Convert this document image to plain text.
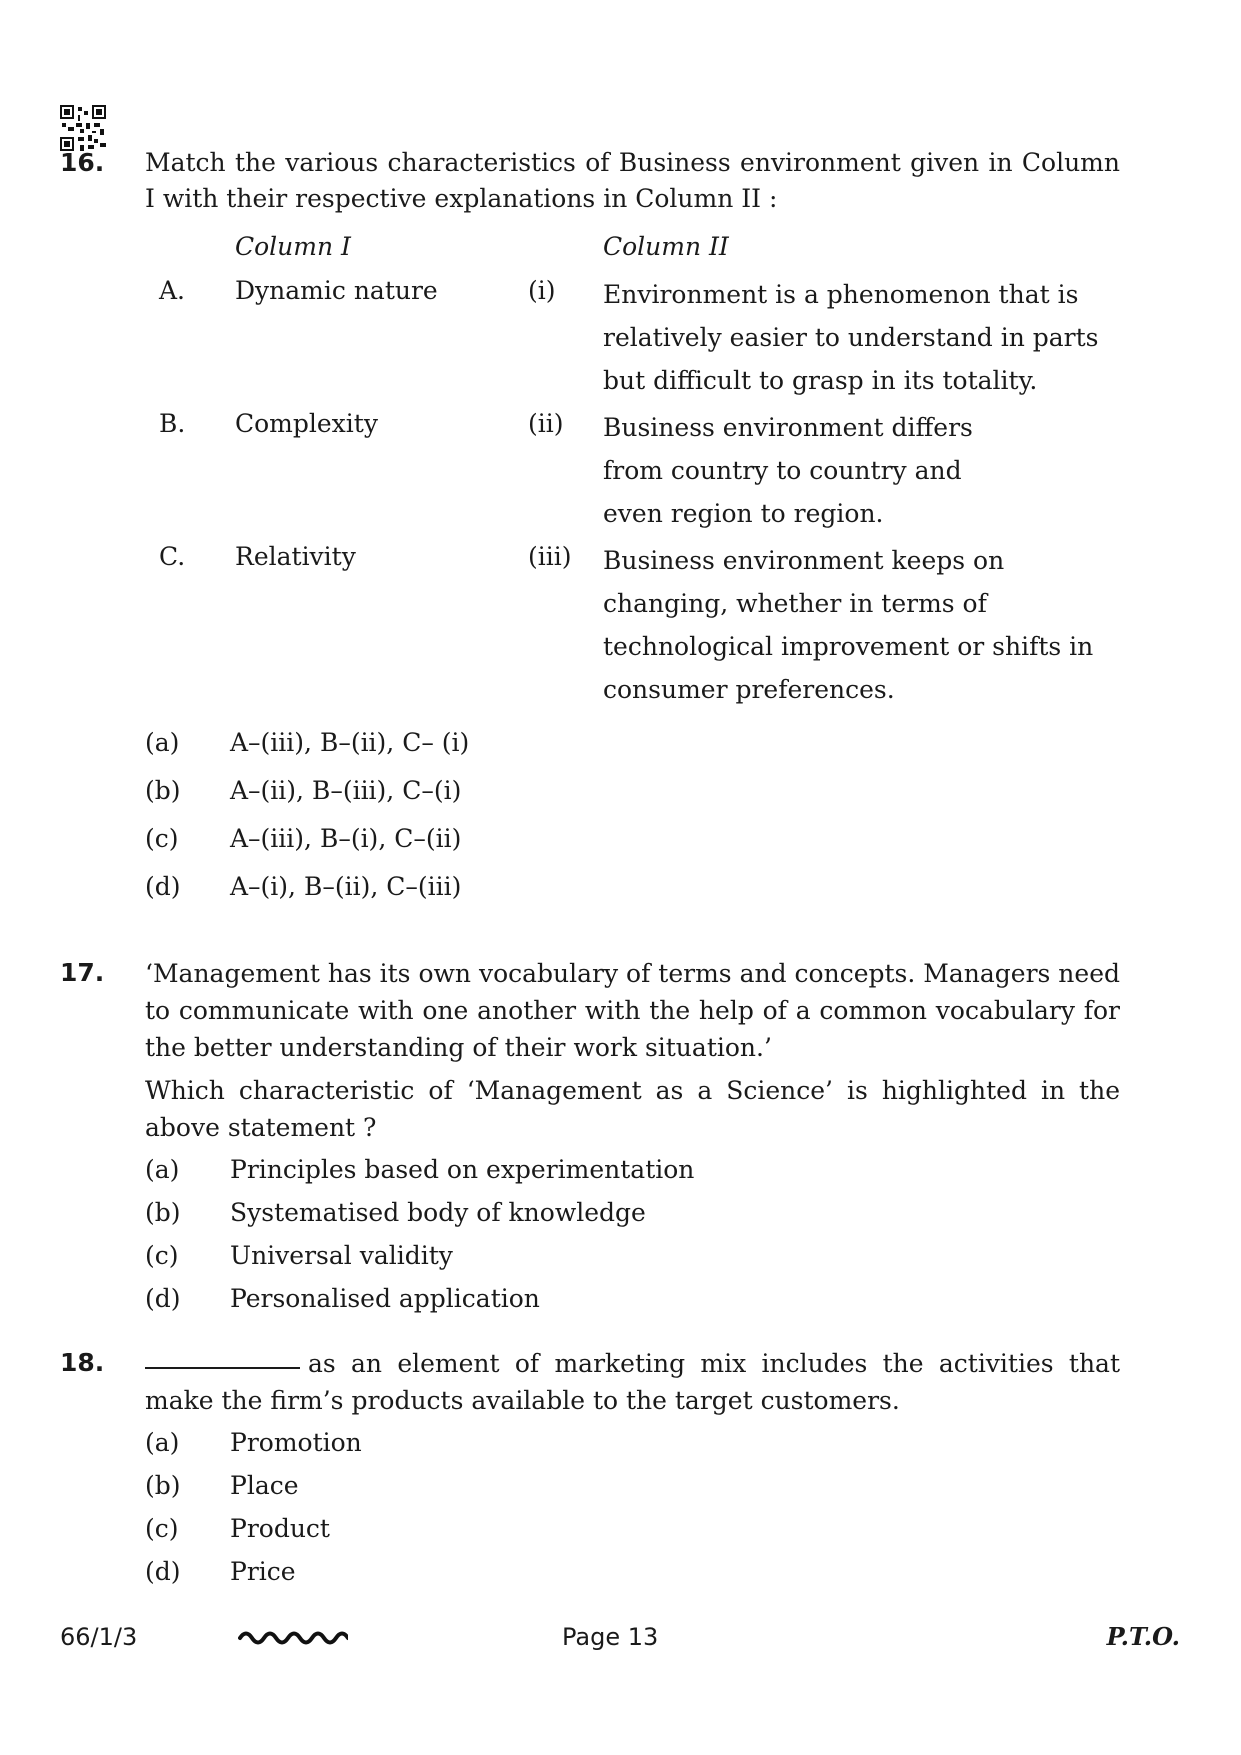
16. Match the various characteristics of Business environment given in Column I with their respective explanations in Column II :

Column I	Column II
A. Dynamic nature	(i) Environment is a phenomenon that is relatively easier to understand in parts but difficult to grasp in its totality.
B. Complexity	(ii) Business environment differs from country to country and even region to region.
C. Relativity	(iii) Business environment keeps on changing, whether in terms of technological improvement or shifts in consumer preferences.
(a) A–(iii), B–(ii), C– (i)
(b) A–(ii), B–(iii), C–(i)
(c) A–(iii), B–(i), C–(ii)
(d) A–(i), B–(ii), C–(iii)
17. ‘Management has its own vocabulary of terms and concepts. Managers need to communicate with one another with the help of a common vocabulary for the better understanding of their work situation.’

Which characteristic of ‘Management as a Science’ is highlighted in the above statement ?

(a) Principles based on experimentation
(b) Systematised body of knowledge
(c) Universal validity
(d) Personalised application
18.	as an element of marketing mix includes the activities that make the firm’s products available to the target customers.

(a) Promotion
(b) Place
(c) Product
(d) Price
66/1/3	Page 13	P.T.O.
